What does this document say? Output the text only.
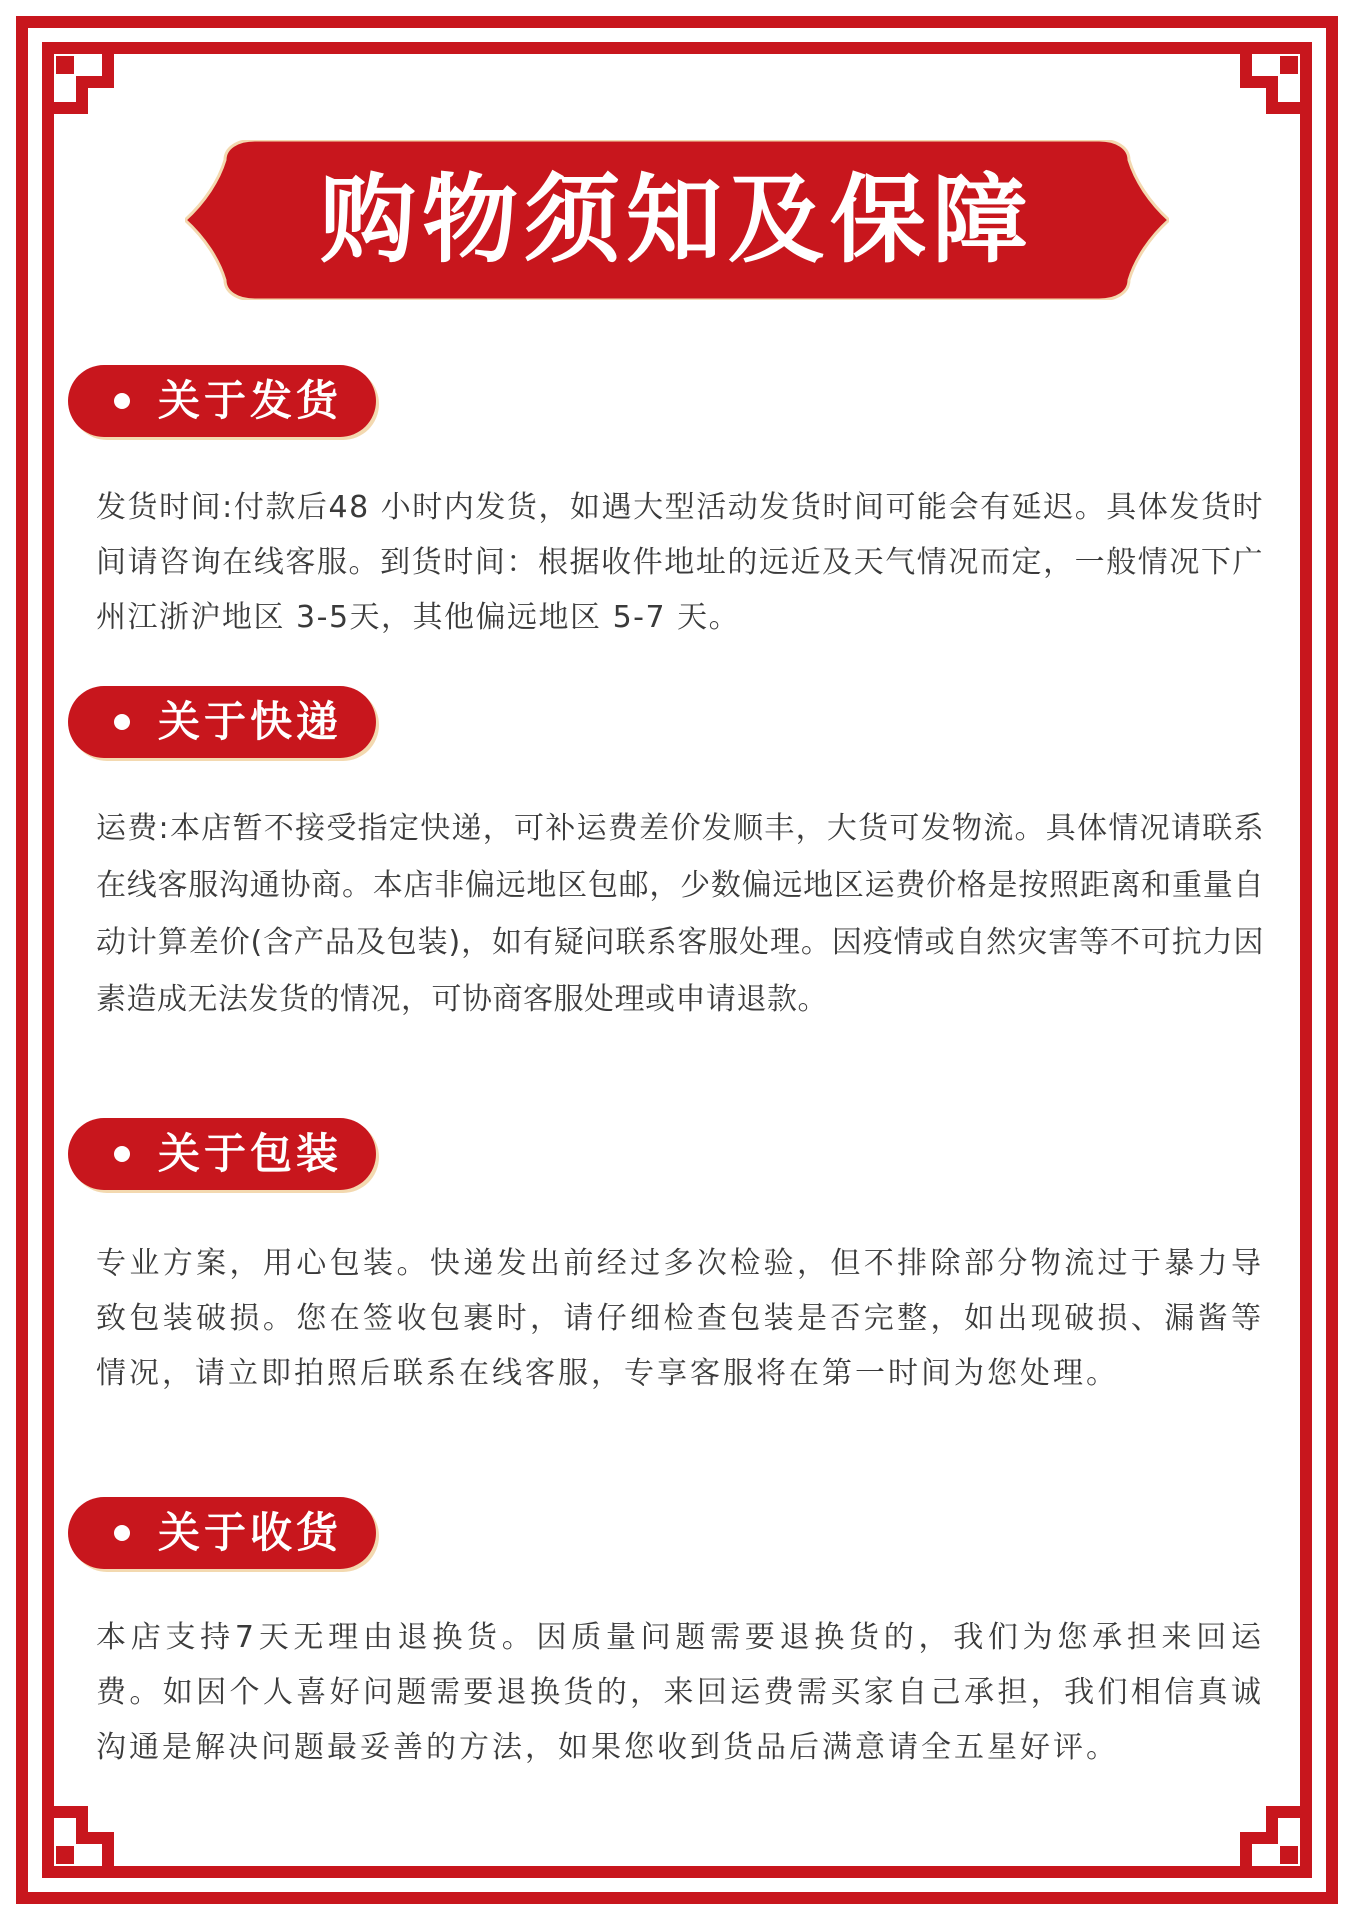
购物须知及保障
关于发货

发货时间:付款后48 小时内发货，如遇大型活动发货时间可能会有延迟。具体发货时间请咨询在线客服。到货时间：根据收件地址的远近及天气情况而定，一般情况下广州江浙沪地区 3-5天，其他偏远地区 5-7 天。

关于快递

运费:本店暂不接受指定快递，可补运费差价发顺丰，大货可发物流。具体情况请联系在线客服沟通协商。本店非偏远地区包邮，少数偏远地区运费价格是按照距离和重量自动计算差价(含产品及包装)，如有疑问联系客服处理。因疫情或自然灾害等不可抗力因素造成无法发货的情况，可协商客服处理或申请退款。

关于包装

专业方案，用心包装。快递发出前经过多次检验，但不排除部分物流过于暴力导致包装破损。您在签收包裹时，请仔细检查包装是否完整，如出现破损、漏酱等情况，请立即拍照后联系在线客服，专享客服将在第一时间为您处理。

关于收货

本店支持7天无理由退换货。因质量问题需要退换货的，我们为您承担来回运费。如因个人喜好问题需要退换货的，来回运费需买家自己承担，我们相信真诚沟通是解决问题最妥善的方法，如果您收到货品后满意请全五星好评。
